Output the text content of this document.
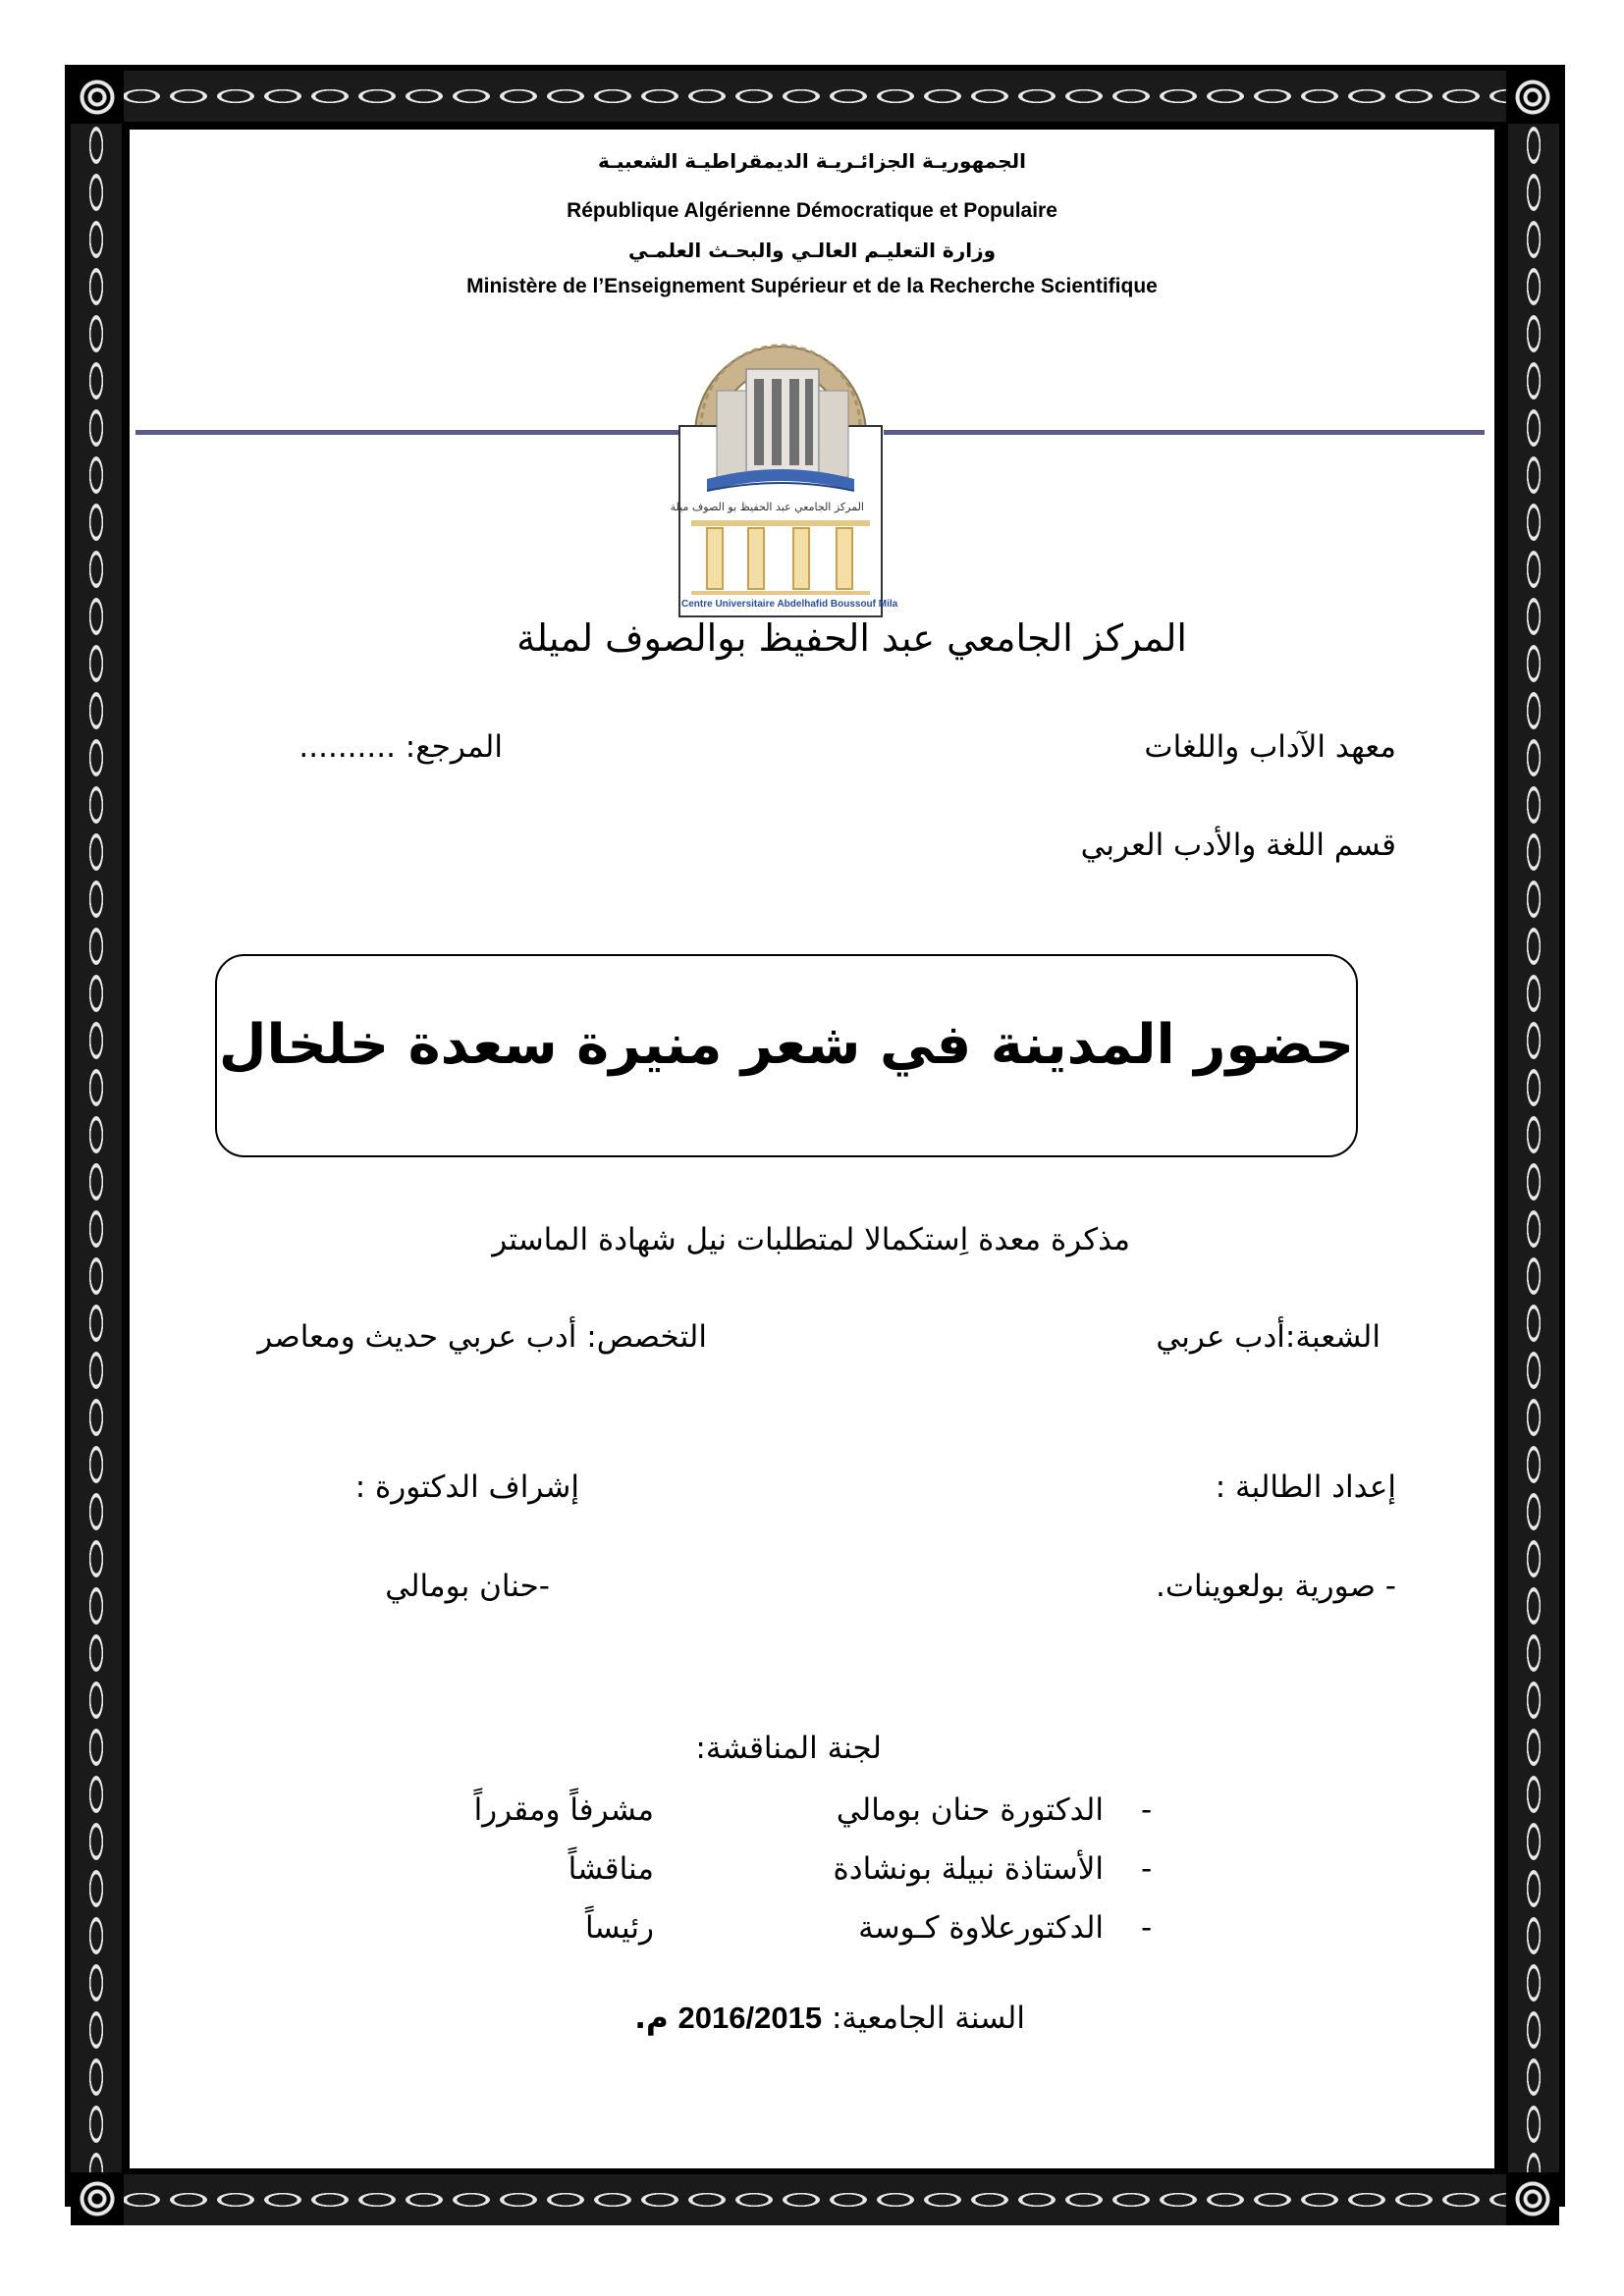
الجمهوريـة الجزائـريـة الديمقراطيـة الشعبيـة
République Algérienne Démocratique et Populaire
وزارة التعليـم العالـي والبحـث العلمـي
Ministère de l’Enseignement Supérieur et de la Recherche Scientifique
المركز الجامعي عبد الحفيظ بو الصوف ميلة
Centre Universitaire Abdelhafid Boussouf Mila
المركز الجامعي عبد الحفيظ بوالصوف لميلة
معهد الآداب واللغات
المرجع: ..........
قسم اللغة والأدب العربي
حضور المدينة في شعر منيرة سعدة خلخال
مذكرة معدة اِستكمالا لمتطلبات نيل شهادة الماستر
الشعبة:أدب عربي
التخصص: أدب عربي حديث ومعاصر
إعداد الطالبة :
إشراف الدكتورة :
- صورية بولعوينات.
-حنان بومالي
لجنة المناقشة:
-
الدكتورة حنان بومالي
مشرفاً ومقرراً
-
الأستاذة نبيلة بونشادة
مناقشاً
-
الدكتورعلاوة كـوسة
رئيساً
السنة الجامعية: 2016/2015 م.
